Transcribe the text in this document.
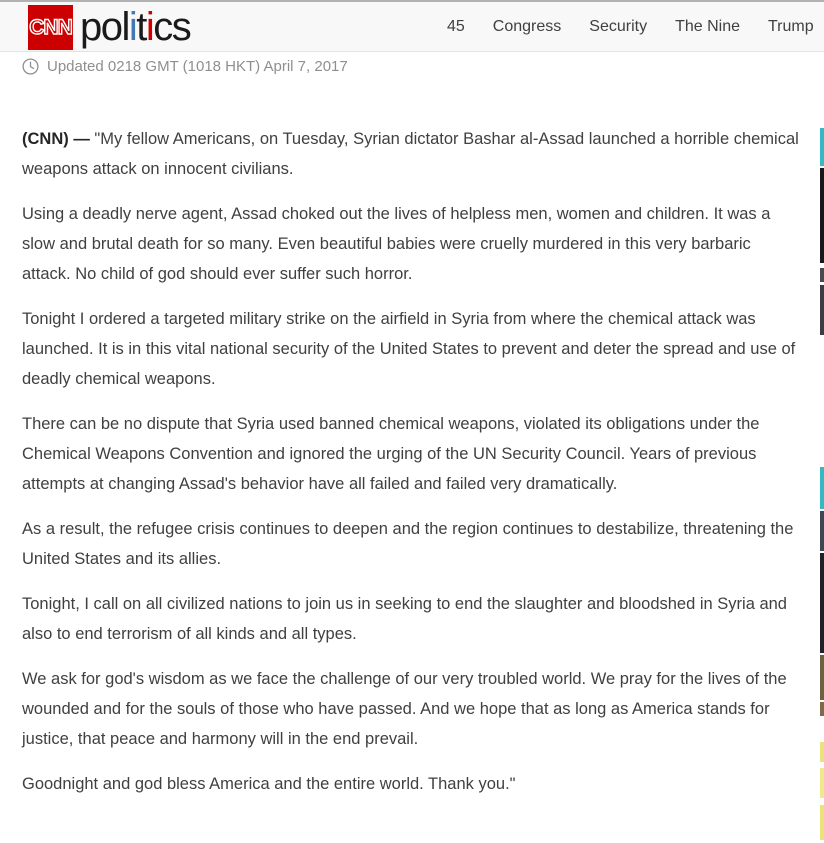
CNN politics	45 Congress Security The Nine Trump
Updated 0218 GMT (1018 HKT) April 7, 2017

(CNN) — "My fellow Americans, on Tuesday, Syrian dictator Bashar al-Assad launched a horrible chemical weapons attack on innocent civilians.

Using a deadly nerve agent, Assad choked out the lives of helpless men, women and children. It was a slow and brutal death for so many. Even beautiful babies were cruelly murdered in this very barbaric attack. No child of god should ever suffer such horror.

Tonight I ordered a targeted military strike on the airfield in Syria from where the chemical attack was launched. It is in this vital national security of the United States to prevent and deter the spread and use of deadly chemical weapons.

There can be no dispute that Syria used banned chemical weapons, violated its obligations under the Chemical Weapons Convention and ignored the urging of the UN Security Council. Years of previous attempts at changing Assad's behavior have all failed and failed very dramatically.

As a result, the refugee crisis continues to deepen and the region continues to destabilize, threatening the United States and its allies.

Tonight, I call on all civilized nations to join us in seeking to end the slaughter and bloodshed in Syria and also to end terrorism of all kinds and all types.

We ask for god's wisdom as we face the challenge of our very troubled world. We pray for the lives of the wounded and for the souls of those who have passed. And we hope that as long as America stands for justice, that peace and harmony will in the end prevail.

Goodnight and god bless America and the entire world. Thank you."
